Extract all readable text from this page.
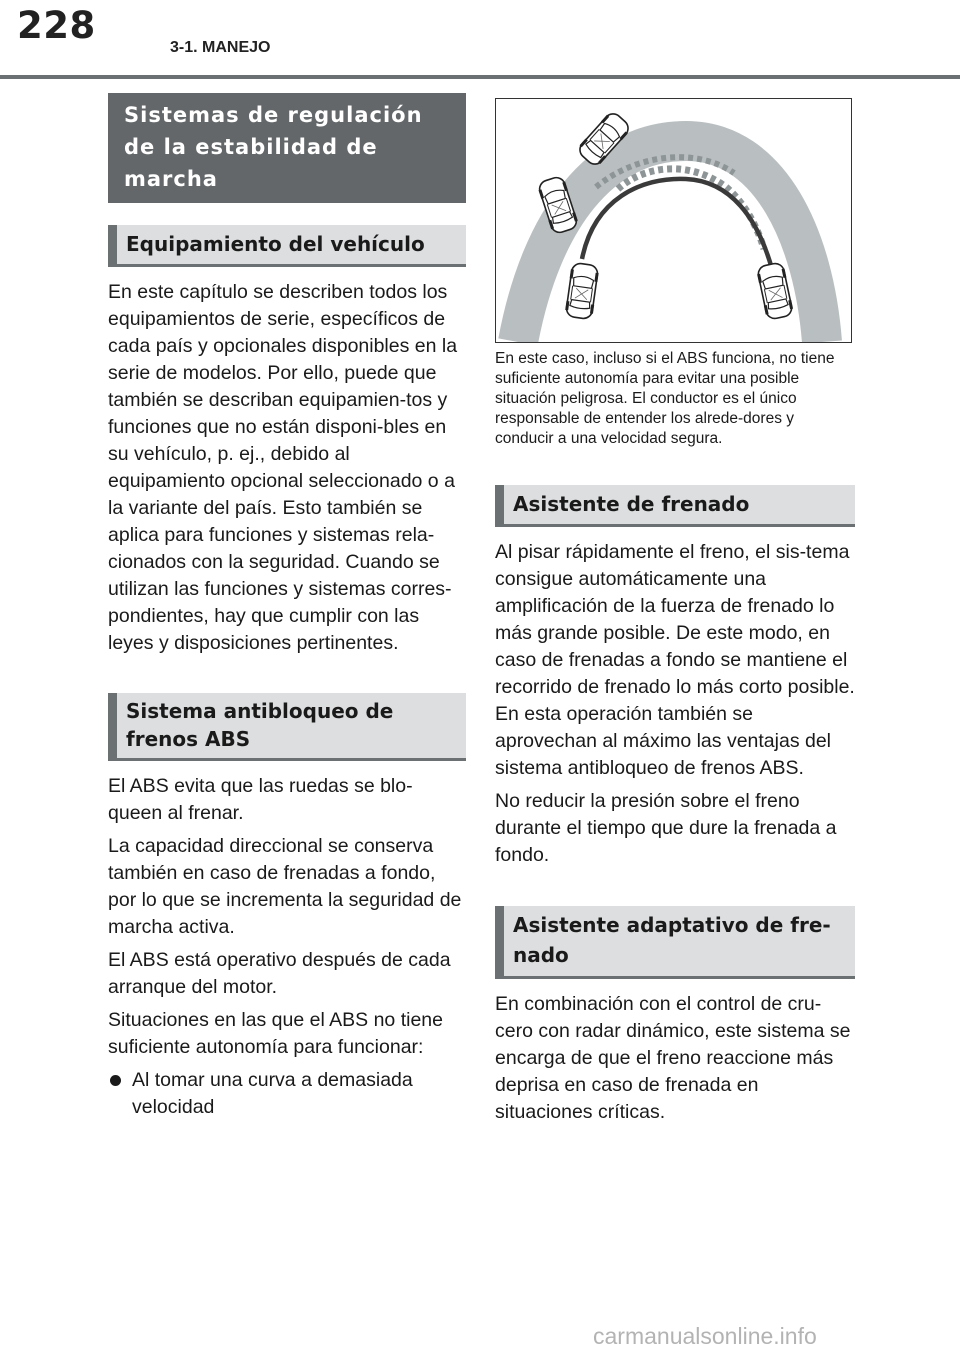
228
3-1. MANEJO
Sistemas de regulación de la estabilidad de marcha
Equipamiento del vehículo

En este capítulo se describen todos los equipamientos de serie, específicos de cada país y opcionales disponibles en la serie de modelos. Por ello, puede que también se describan equipamien-tos y funciones que no están disponi-bles en su vehículo, p. ej., debido al equipamiento opcional seleccionado o a la variante del país. Esto también se aplica para funciones y sistemas rela-cionados con la seguridad. Cuando se utilizan las funciones y sistemas corres-pondientes, hay que cumplir con las leyes y disposiciones pertinentes.

Sistema antibloqueo de frenos ABS

El ABS evita que las ruedas se blo-queen al frenar.

La capacidad direccional se conserva también en caso de frenadas a fondo, por lo que se incrementa la seguridad de marcha activa.

El ABS está operativo después de cada arranque del motor.

Situaciones en las que el ABS no tiene suficiente autonomía para funcionar:

Al tomar una curva a demasiada velocidad

En este caso, incluso si el ABS funciona, no tiene suficiente autonomía para evitar una posible situación peligrosa. El conductor es el único responsable de entender los alrede-dores y conducir a una velocidad segura.

Asistente de frenado

Al pisar rápidamente el freno, el sis-tema consigue automáticamente una amplificación de la fuerza de frenado lo más grande posible. De este modo, en caso de frenadas a fondo se mantiene el recorrido de frenado lo más corto posible. En esta operación también se aprovechan al máximo las ventajas del sistema antibloqueo de frenos ABS.

No reducir la presión sobre el freno durante el tiempo que dure la frenada a fondo.

Asistente adaptativo de fre-nado

En combinación con el control de cru-cero con radar dinámico, este sistema se encarga de que el freno reaccione más deprisa en caso de frenada en situaciones críticas.

carmanualsonline.info
